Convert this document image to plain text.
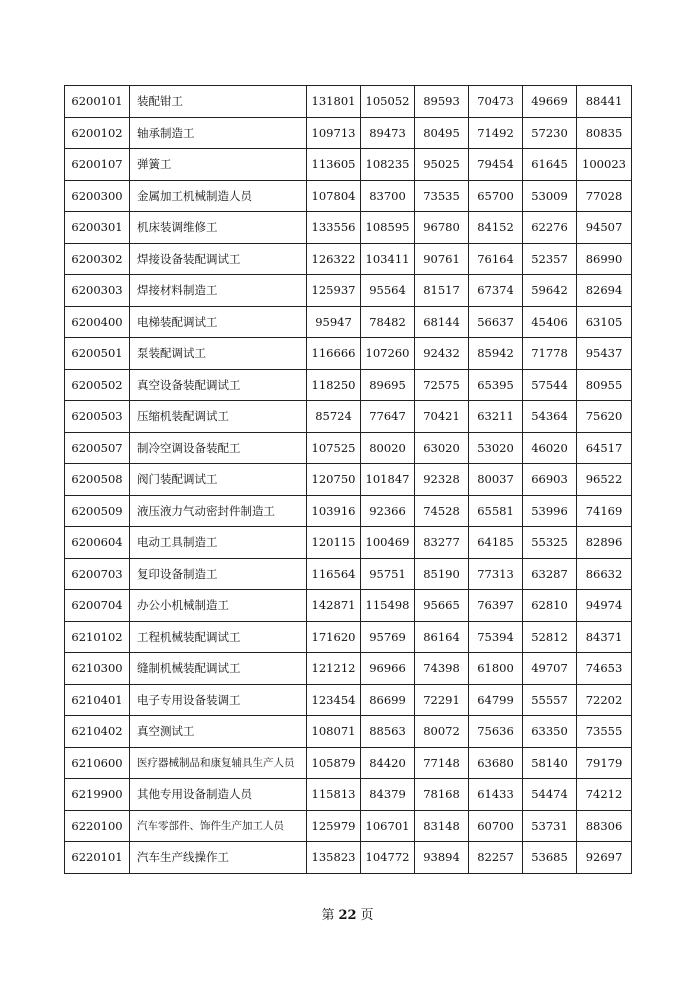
6200101	装配钳工	131801	105052	89593	70473	49669	88441
6200102	轴承制造工	109713	89473	80495	71492	57230	80835
6200107	弹簧工	113605	108235	95025	79454	61645	100023
6200300	金属加工机械制造人员	107804	83700	73535	65700	53009	77028
6200301	机床装调维修工	133556	108595	96780	84152	62276	94507
6200302	焊接设备装配调试工	126322	103411	90761	76164	52357	86990
6200303	焊接材料制造工	125937	95564	81517	67374	59642	82694
6200400	电梯装配调试工	95947	78482	68144	56637	45406	63105
6200501	泵装配调试工	116666	107260	92432	85942	71778	95437
6200502	真空设备装配调试工	118250	89695	72575	65395	57544	80955
6200503	压缩机装配调试工	85724	77647	70421	63211	54364	75620
6200507	制冷空调设备装配工	107525	80020	63020	53020	46020	64517
6200508	阀门装配调试工	120750	101847	92328	80037	66903	96522
6200509	液压液力气动密封件制造工	103916	92366	74528	65581	53996	74169
6200604	电动工具制造工	120115	100469	83277	64185	55325	82896
6200703	复印设备制造工	116564	95751	85190	77313	63287	86632
6200704	办公小机械制造工	142871	115498	95665	76397	62810	94974
6210102	工程机械装配调试工	171620	95769	86164	75394	52812	84371
6210300	缝制机械装配调试工	121212	96966	74398	61800	49707	74653
6210401	电子专用设备装调工	123454	86699	72291	64799	55557	72202
6210402	真空测试工	108071	88563	80072	75636	63350	73555
6210600	医疗器械制品和康复辅具生产人员	105879	84420	77148	63680	58140	79179
6219900	其他专用设备制造人员	115813	84379	78168	61433	54474	74212
6220100	汽车零部件、饰件生产加工人员	125979	106701	83148	60700	53731	88306
6220101	汽车生产线操作工	135823	104772	93894	82257	53685	92697
第 22 页
